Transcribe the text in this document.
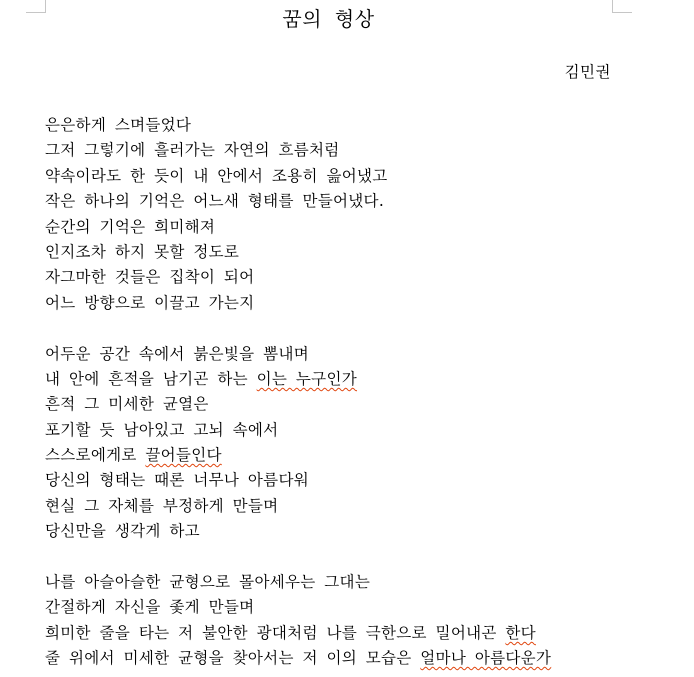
꿈의 형상
김민권
은은하게 스며들었다
그저 그렇기에 흘러가는 자연의 흐름처럼
약속이라도 한 듯이 내 안에서 조용히 읊어냈고
작은 하나의 기억은 어느새 형태를 만들어냈다.
순간의 기억은 희미해져
인지조차 하지 못할 정도로
자그마한 것들은 집착이 되어
어느 방향으로 이끌고 가는지
어두운 공간 속에서 붉은빛을 뽐내며
내 안에 흔적을 남기곤 하는 이는 누구인가
흔적 그 미세한 균열은
포기할 듯 남아있고 고뇌 속에서
스스로에게로 끌어들인다
당신의 형태는 때론 너무나 아름다워
현실 그 자체를 부정하게 만들며
당신만을 생각게 하고
나를 아슬아슬한 균형으로 몰아세우는 그대는
간절하게 자신을 좇게 만들며
희미한 줄을 타는 저 불안한 광대처럼 나를 극한으로 밀어내곤 한다
줄 위에서 미세한 균형을 찾아서는 저 이의 모습은 얼마나 아름다운가
